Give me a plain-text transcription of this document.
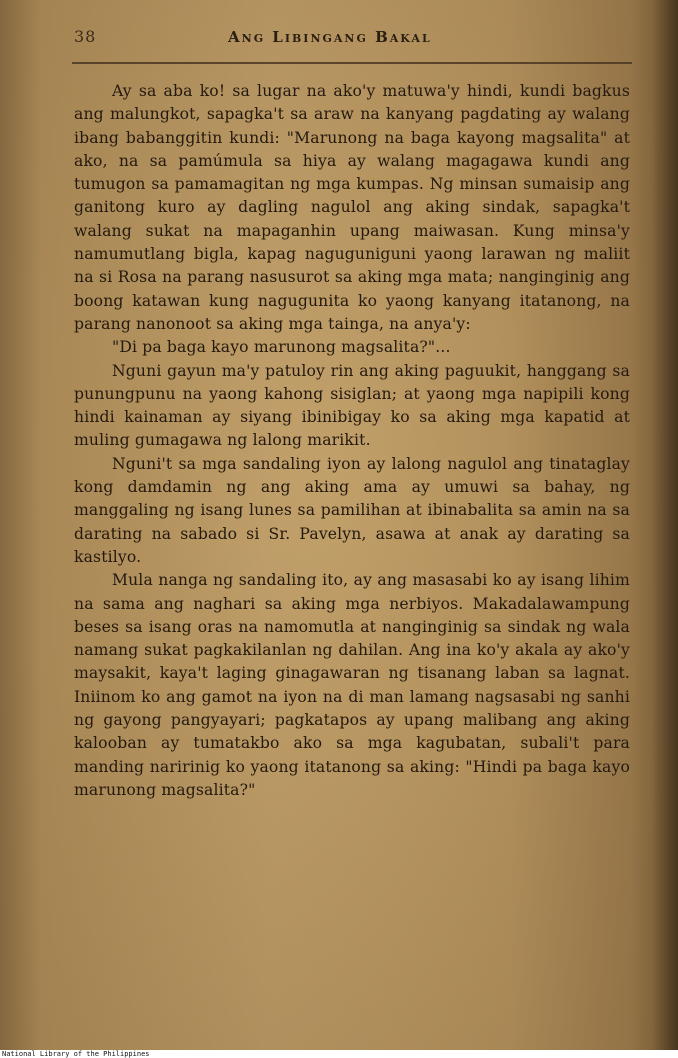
38	Ang Libingang Bakal

Ay sa aba ko! sa lugar na ako'y matuwa'y hindi, kundi bagkus ang malungkot, sapagka't sa araw na kanyang pagdating ay walang ibang babanggitin kundi: "Marunong na baga kayong magsalita" at ako, na sa pamúmula sa hiya ay walang magagawa kundi ang tumugon sa pamamagitan ng mga kumpas. Ng minsan sumaisip ang ganitong kuro ay dagling nagulol ang aking sindak, sapagka't walang sukat na mapaganhin upang maiwasan. Kung minsa'y namumutlang bigla, kapag naguguniguni yaong larawan ng maliit na si Rosa na parang nasusurot sa aking mga mata; nanginginig ang boong katawan kung nagugunita ko yaong kanyang itatanong, na parang nanonoot sa aking mga tainga, na anya'y:

"Di pa baga kayo marunong magsalita?"...

Nguni gayun ma'y patuloy rin ang aking paguukit, hanggang sa punungpunu na yaong kahong sisiglan; at yaong mga napipili kong hindi kainaman ay siyang ibinibigay ko sa aking mga kapatid at muling gumagawa ng lalong marikit.

Nguni't sa mga sandaling iyon ay lalong nagulol ang tinataglay kong damdamin ng ang aking ama ay umuwi sa bahay, ng manggaling ng isang lunes sa pamilihan at ibinabalita sa amin na sa darating na sabado si Sr. Pavelyn, asawa at anak ay darating sa kastilyo.

Mula nanga ng sandaling ito, ay ang masasabi ko ay isang lihim na sama ang naghari sa aking mga nerbiyos. Makadalawampung beses sa isang oras na namomutla at nanginginig sa sindak ng wala namang sukat pagkakilanlan ng dahilan. Ang ina ko'y akala ay ako'y maysakit, kaya't laging ginagawaran ng tisanang laban sa lagnat. Iniinom ko ang gamot na iyon na di man lamang nagsasabi ng sanhi ng gayong pangyayari; pagkatapos ay upang malibang ang aking kalooban ay tumatakbo ako sa mga kagubatan, subali't para manding naririnig ko yaong itatanong sa aking: "Hindi pa baga kayo marunong magsalita?"

National Library of the Philippines
